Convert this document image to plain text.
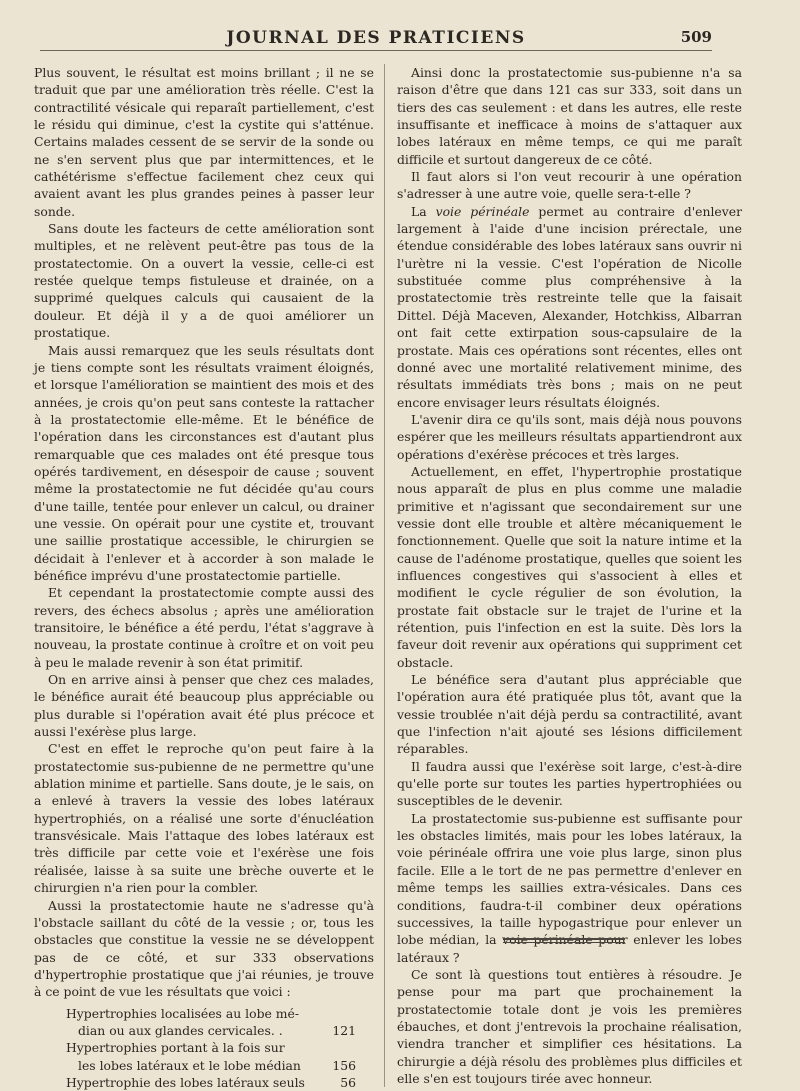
JOURNAL DES PRATICIENS	509

Plus souvent, le résultat est moins brillant ; il ne se traduit que par une amélioration très réelle. C'est la contractilité vésicale qui reparaît partiellement, c'est le résidu qui diminue, c'est la cystite qui s'atténue. Certains malades cessent de se servir de la sonde ou ne s'en servent plus que par intermittences, et le cathétérisme s'effectue facilement chez ceux qui avaient avant les plus grandes peines à passer leur sonde.

Sans doute les facteurs de cette amélioration sont multiples, et ne relèvent peut-être pas tous de la prostatectomie. On a ouvert la vessie, celle-ci est restée quelque temps fistuleuse et drainée, on a supprimé quelques calculs qui causaient de la douleur. Et déjà il y a de quoi améliorer un prostatique.

Mais aussi remarquez que les seuls résultats dont je tiens compte sont les résultats vraiment éloignés, et lorsque l'amélioration se maintient des mois et des années, je crois qu'on peut sans conteste la rattacher à la prostatectomie elle-même. Et le bénéfice de l'opération dans les circonstances est d'autant plus remarquable que ces malades ont été presque tous opérés tardivement, en désespoir de cause ; souvent même la prostatectomie ne fut décidée qu'au cours d'une taille, tentée pour enlever un calcul, ou drainer une vessie. On opérait pour une cystite et, trouvant une saillie prostatique accessible, le chirurgien se décidait à l'enlever et à accorder à son malade le bénéfice imprévu d'une prostatectomie partielle.

Et cependant la prostatectomie compte aussi des revers, des échecs absolus ; après une amélioration transitoire, le bénéfice a été perdu, l'état s'aggrave à nouveau, la prostate continue à croître et on voit peu à peu le malade revenir à son état primitif.

On en arrive ainsi à penser que chez ces malades, le bénéfice aurait été beaucoup plus appréciable ou plus durable si l'opération avait été plus précoce et aussi l'exérèse plus large.

C'est en effet le reproche qu'on peut faire à la prostatectomie sus-pubienne de ne permettre qu'une ablation minime et partielle. Sans doute, je le sais, on a enlevé à travers la vessie des lobes latéraux hypertrophiés, on a réalisé une sorte d'énucléation transvésicale. Mais l'attaque des lobes latéraux est très difficile par cette voie et l'exérèse une fois réalisée, laisse à sa suite une brèche ouverte et le chirurgien n'a rien pour la combler.

Aussi la prostatectomie haute ne s'adresse qu'à l'obstacle saillant du côté de la vessie ; or, tous les obstacles que constitue la vessie ne se développent pas de ce côté, et sur 333 observations d'hypertrophie prostatique que j'ai réunies, je trouve à ce point de vue les résultats que voici :

Hypertrophies localisées au lobe mé-
dian ou aux glandes cervicales. .	121
Hypertrophies portant à la fois sur
les lobes latéraux et le lobe médian	156
Hypertrophie des lobes latéraux seuls	56

Ainsi donc la prostatectomie sus-pubienne n'a sa raison d'être que dans 121 cas sur 333, soit dans un tiers des cas seulement : et dans les autres, elle reste insuffisante et inefficace à moins de s'attaquer aux lobes latéraux en même temps, ce qui me paraît difficile et surtout dangereux de ce côté.

Il faut alors si l'on veut recourir à une opération s'adresser à une autre voie, quelle sera-t-elle ?

La voie périnéale permet au contraire d'enlever largement à l'aide d'une incision prérectale, une étendue considérable des lobes latéraux sans ouvrir ni l'urètre ni la vessie. C'est l'opération de Nicolle substituée comme plus compréhensive à la prostatectomie très restreinte telle que la faisait Dittel. Déjà Maceven, Alexander, Hotchkiss, Albarran ont fait cette extirpation sous-capsulaire de la prostate. Mais ces opérations sont récentes, elles ont donné avec une mortalité relativement minime, des résultats immédiats très bons ; mais on ne peut encore envisager leurs résultats éloignés.

L'avenir dira ce qu'ils sont, mais déjà nous pouvons espérer que les meilleurs résultats appartiendront aux opérations d'exérèse précoces et très larges.

Actuellement, en effet, l'hypertrophie prostatique nous apparaît de plus en plus comme une maladie primitive et n'agissant que secondairement sur une vessie dont elle trouble et altère mécaniquement le fonctionnement. Quelle que soit la nature intime et la cause de l'adénome prostatique, quelles que soient les influences congestives qui s'associent à elles et modifient le cycle régulier de son évolution, la prostate fait obstacle sur le trajet de l'urine et la rétention, puis l'infection en est la suite. Dès lors la faveur doit revenir aux opérations qui suppriment cet obstacle.

Le bénéfice sera d'autant plus appréciable que l'opération aura été pratiquée plus tôt, avant que la vessie troublée n'ait déjà perdu sa contractilité, avant que l'infection n'ait ajouté ses lésions difficilement réparables.

Il faudra aussi que l'exérèse soit large, c'est-à-dire qu'elle porte sur toutes les parties hypertrophiées ou susceptibles de le devenir.

La prostatectomie sus-pubienne est suffisante pour les obstacles limités, mais pour les lobes latéraux, la voie périnéale offrira une voie plus large, sinon plus facile. Elle a le tort de ne pas permettre d'enlever en même temps les saillies extra-vésicales. Dans ces conditions, faudra-t-il combiner deux opérations successives, la taille hypogastrique pour enlever un lobe médian, la voie périnéale pour enlever les lobes latéraux ?

Ce sont là questions tout entières à résoudre. Je pense pour ma part que prochainement la prostatectomie totale dont je vois les premières ébauches, et dont j'entrevois la prochaine réalisation, viendra trancher et simplifier ces hésitations. La chirurgie a déjà résolu des problèmes plus difficiles et elle s'en est toujours tirée avec honneur.
